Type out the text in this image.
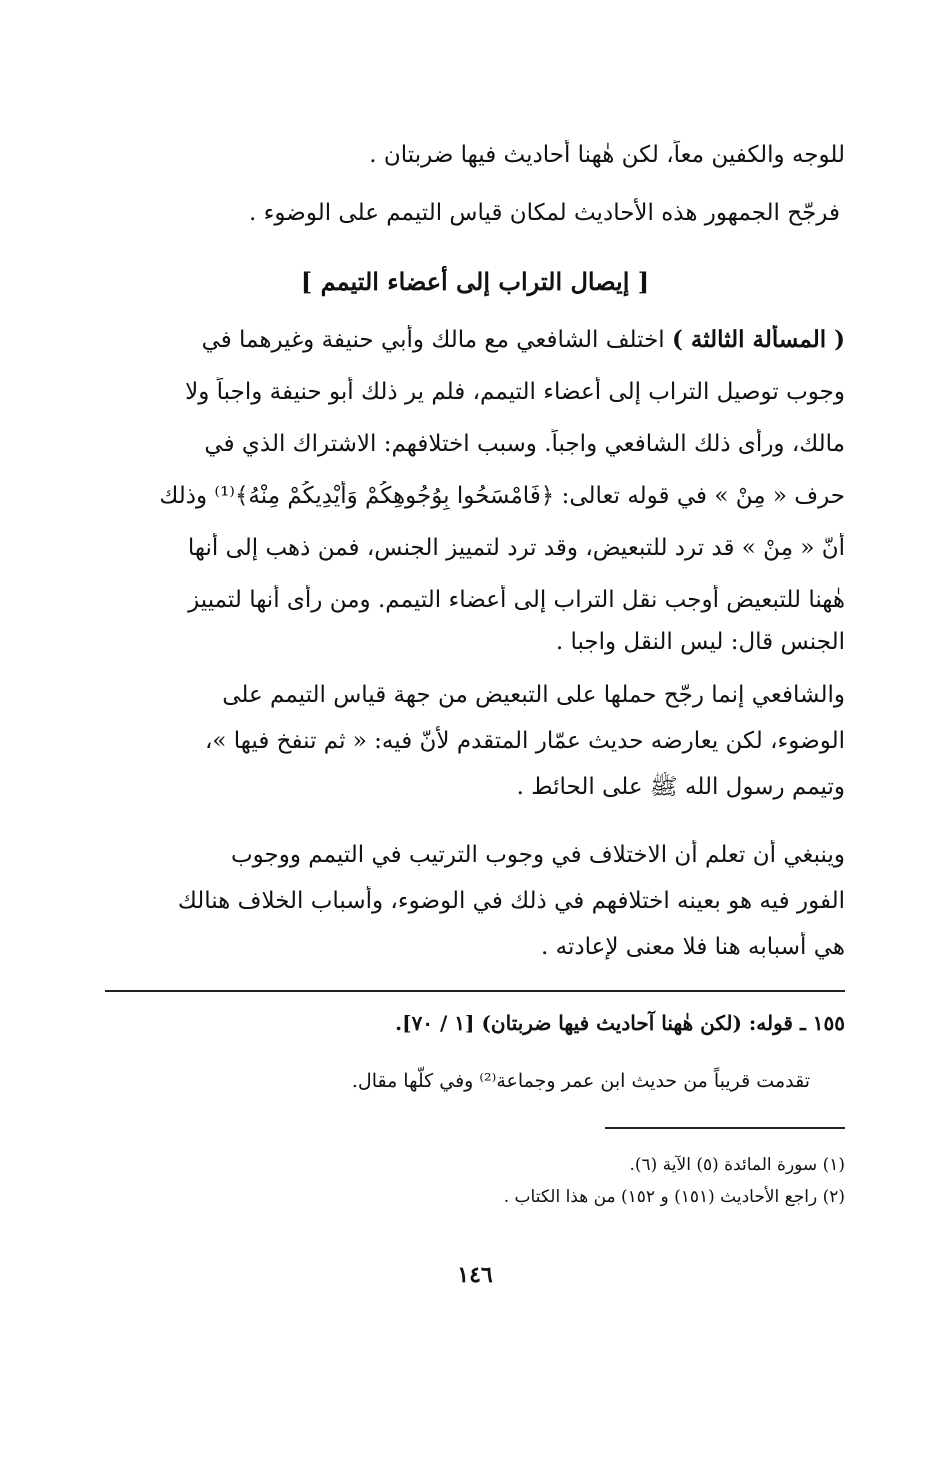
للوجه والكفين معاً، لكن هٰهنا أحاديث فيها ضربتان .
فرجّح الجمهور هذه الأحاديث لمكان قياس التيمم على الوضوء .
[ إيصال التراب إلى أعضاء التيمم ]
( المسألة الثالثة ) اختلف الشافعي مع مالك وأبي حنيفة وغيرهما في
وجوب توصيل التراب إلى أعضاء التيمم، فلم ير ذلك أبو حنيفة واجباً ولا
مالك، ورأى ذلك الشافعي واجباً. وسبب اختلافهم: الاشتراك الذي في
حرف « مِنْ » في قوله تعالى: ﴿فَامْسَحُوا بِوُجُوهِكُمْ وَأَيْدِيكُمْ مِنْهُ﴾⁽¹⁾ وذلك
أنّ « مِنْ » قد ترد للتبعيض، وقد ترد لتمييز الجنس، فمن ذهب إلى أنها
هٰهنا للتبعيض أوجب نقل التراب إلى أعضاء التيمم. ومن رأى أنها لتمييز
الجنس قال: ليس النقل واجبا .
والشافعي إنما رجّح حملها على التبعيض من جهة قياس التيمم على
الوضوء، لكن يعارضه حديث عمّار المتقدم لأنّ فيه: « ثم تنفخ فيها »،
وتيمم رسول الله ﷺ على الحائط .
وينبغي أن تعلم أن الاختلاف في وجوب الترتيب في التيمم ووجوب
الفور فيه هو بعينه اختلافهم في ذلك في الوضوء، وأسباب الخلاف هنالك
هي أسبابه هنا فلا معنى لإعادته .
١٥٥ ـ قوله: (لكن هٰهنا آحاديث فيها ضربتان) [١ / ٧٠].
تقدمت قريباً من حديث ابن عمر وجماعة⁽²⁾ وفي كلّها مقال.
(١) سورة المائدة (٥) الآية (٦).
(٢) راجع الأحاديث (١٥١) و ١٥٢) من هذا الكتاب .
١٤٦
